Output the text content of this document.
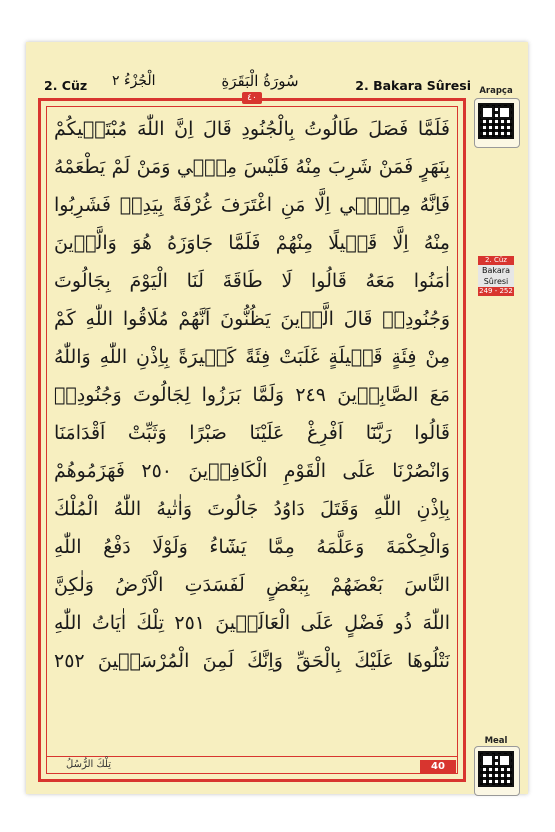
2. Cüz الْجُزْءُ ٢	سُورَةُ الْبَقَرَةِ	2. Bakara Sûresi
٤٠
فَلَمَّا فَصَلَ طَالُوتُ بِالْجُنُودِ قَالَ اِنَّ اللّٰهَ مُبْتَلٖيكُمْ
بِنَهَرٍ فَمَنْ شَرِبَ مِنْهُ فَلَيْسَ مِنّٖي وَمَنْ لَمْ يَطْعَمْهُ
فَاِنَّهُ مِنّٖٓي اِلَّا مَنِ اغْتَرَفَ غُرْفَةً بِيَدِهٖ فَشَرِبُوا
مِنْهُ اِلَّا قَلٖيلًا مِنْهُمْ فَلَمَّا جَاوَزَهُ هُوَ وَالَّذٖينَ
اٰمَنُوا مَعَهُ قَالُوا لَا طَاقَةَ لَنَا الْيَوْمَ بِجَالُوتَ
وَجُنُودِهٖ قَالَ الَّذٖينَ يَظُنُّونَ اَنَّهُمْ مُلَاقُوا اللّٰهِ كَمْ
مِنْ فِئَةٍ قَلٖيلَةٍ غَلَبَتْ فِئَةً كَثٖيرَةً بِاِذْنِ اللّٰهِ وَاللّٰهُ
مَعَ الصَّابِرٖينَ ٢٤٩ وَلَمَّا بَرَزُوا لِجَالُوتَ وَجُنُودِهٖ
قَالُوا رَبَّنَٓا اَفْرِغْ عَلَيْنَا صَبْرًا وَثَبِّتْ اَقْدَامَنَا
وَانْصُرْنَا عَلَى الْقَوْمِ الْكَافِرٖينَ ٢٥٠ فَهَزَمُوهُمْ
بِاِذْنِ اللّٰهِ وَقَتَلَ دَاوُدُ جَالُوتَ وَاٰتٰيهُ اللّٰهُ الْمُلْكَ
وَالْحِكْمَةَ وَعَلَّمَهُ مِمَّا يَشَٓاءُ وَلَوْلَا دَفْعُ اللّٰهِ
النَّاسَ بَعْضَهُمْ بِبَعْضٍ لَفَسَدَتِ الْاَرْضُ وَلٰكِنَّ
اللّٰهَ ذُو فَضْلٍ عَلَى الْعَالَمٖينَ ٢٥١ تِلْكَ اٰيَاتُ اللّٰهِ
نَتْلُوهَا عَلَيْكَ بِالْحَقِّ وَاِنَّكَ لَمِنَ الْمُرْسَلٖينَ ٢٥٢
تِلْكَ الرُّسُلُ	40
Arapça
2. Cüz
Bakara
Sûresi
249 - 252
Meal
